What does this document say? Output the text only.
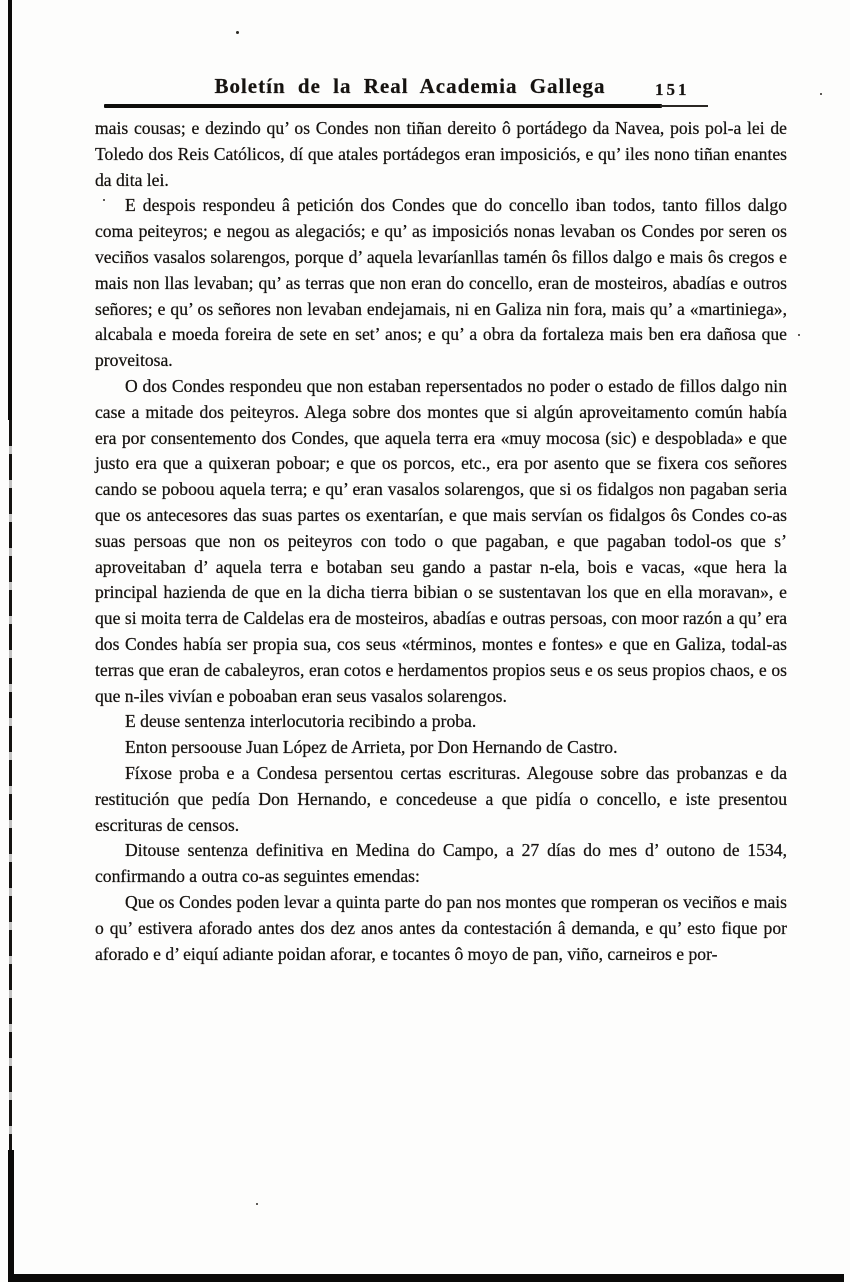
Boletín de la Real Academia Gallega	151

mais cousas; e dezindo qu’ os Condes non tiñan dereito ô portádego da Navea, pois pol-a lei de Toledo dos Reis Católicos, dí que atales portádegos eran imposiciós, e qu’ iles nono tiñan enantes da dita lei.

E despois respondeu â petición dos Condes que do concello iban todos, tanto fillos dalgo coma peiteyros; e negou as alegaciós; e qu’ as imposiciós nonas levaban os Condes por seren os veciños vasalos solarengos, porque d’ aquela levaríanllas tamén ôs fillos dalgo e mais ôs cregos e mais non llas levaban; qu’ as terras que non eran do concello, eran de mosteiros, abadías e outros señores; e qu’ os señores non levaban endejamais, ni en Galiza nin fora, mais qu’ a «martiniega», alcabala e moeda foreira de sete en set’ anos; e qu’ a obra da fortaleza mais ben era dañosa que proveitosa.

O dos Condes respondeu que non estaban repersentados no poder o estado de fillos dalgo nin case a mitade dos peiteyros. Alega sobre dos montes que si algún aproveitamento común había era por consentemento dos Condes, que aquela terra era «muy mocosa (sic) e despoblada» e que justo era que a quixeran poboar; e que os porcos, etc., era por asento que se fixera cos señores cando se poboou aquela terra; e qu’ eran vasalos solarengos, que si os fidalgos non pagaban seria que os antecesores das suas partes os exentarían, e que mais servían os fidalgos ôs Condes co-as suas persoas que non os peiteyros con todo o que pagaban, e que pagaban todol-os que s’ aproveitaban d’ aquela terra e botaban seu gando a pastar n-ela, bois e vacas, «que hera la principal hazienda de que en la dicha tierra bibian o se sustentavan los que en ella moravan», e que si moita terra de Caldelas era de mosteiros, abadías e outras persoas, con moor razón a qu’ era dos Condes había ser propia sua, cos seus «términos, montes e fontes» e que en Galiza, todal-as terras que eran de cabaleyros, eran cotos e herdamentos propios seus e os seus propios chaos, e os que n-iles vivían e poboaban eran seus vasalos solarengos.

E deuse sentenza interlocutoria recibindo a proba.

Enton persoouse Juan López de Arrieta, por Don Hernando de Castro.

Fíxose proba e a Condesa persentou certas escrituras. Alegouse sobre das probanzas e da restitución que pedía Don Hernando, e concedeuse a que pidía o concello, e iste presentou escrituras de censos.

Ditouse sentenza definitiva en Medina do Campo, a 27 días do mes d’ outono de 1534, confirmando a outra co-as seguintes emendas:

Que os Condes poden levar a quinta parte do pan nos montes que romperan os veciños e mais o qu’ estivera aforado antes dos dez anos antes da contestación â demanda, e qu’ esto fique por aforado e d’ eiquí adiante poidan aforar, e tocantes ô moyo de pan, viño, carneiros e por-
